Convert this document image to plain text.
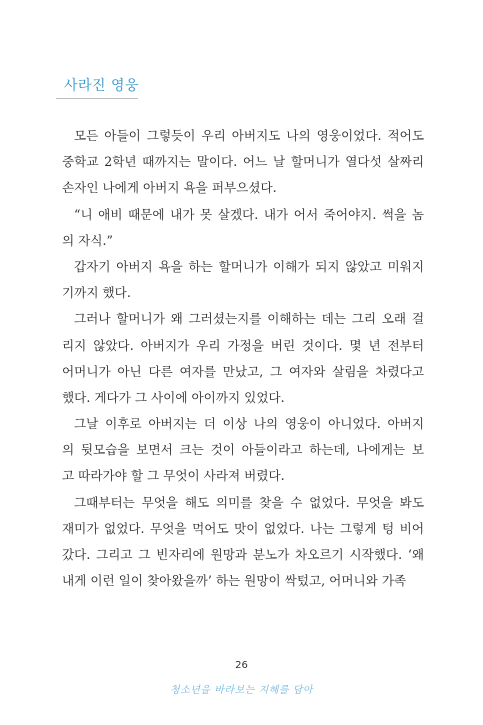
사라진 영웅
모든 아들이 그렇듯이 우리 아버지도 나의 영웅이었다. 적어도
중학교 2학년 때까지는 말이다. 어느 날 할머니가 열다섯 살짜리
손자인 나에게 아버지 욕을 퍼부으셨다.
“니 애비 때문에 내가 못 살겠다. 내가 어서 죽어야지. 썩을 놈
의 자식.”
갑자기 아버지 욕을 하는 할머니가 이해가 되지 않았고 미워지
기까지 했다.
그러나 할머니가 왜 그러셨는지를 이해하는 데는 그리 오래 걸
리지 않았다. 아버지가 우리 가정을 버린 것이다. 몇 년 전부터
어머니가 아닌 다른 여자를 만났고, 그 여자와 살림을 차렸다고
했다. 게다가 그 사이에 아이까지 있었다.
그날 이후로 아버지는 더 이상 나의 영웅이 아니었다. 아버지
의 뒷모습을 보면서 크는 것이 아들이라고 하는데, 나에게는 보
고 따라가야 할 그 무엇이 사라져 버렸다.
그때부터는 무엇을 해도 의미를 찾을 수 없었다. 무엇을 봐도
재미가 없었다. 무엇을 먹어도 맛이 없었다. 나는 그렇게 텅 비어
갔다. 그리고 그 빈자리에 원망과 분노가 차오르기 시작했다. ‘왜
내게 이런 일이 찾아왔을까’ 하는 원망이 싹텄고, 어머니와 가족
26
청소년을 바라보는 지혜를 담아
